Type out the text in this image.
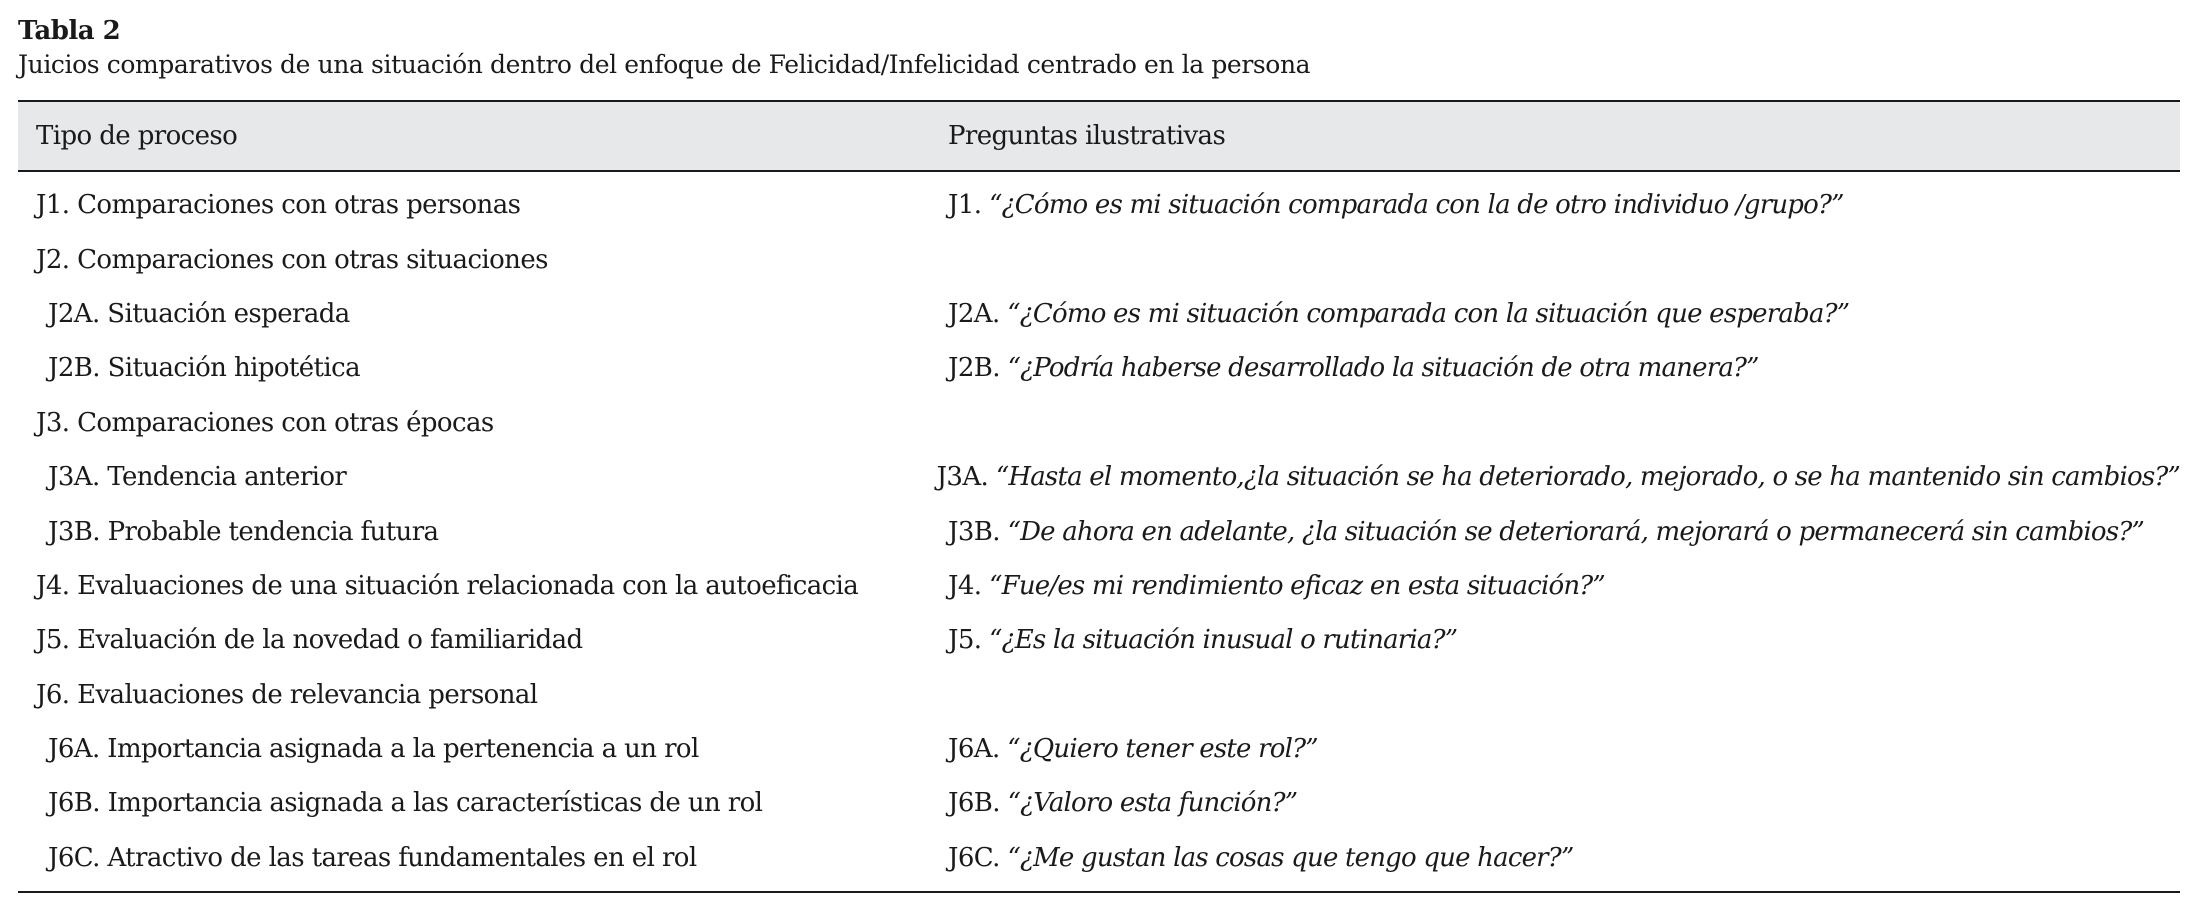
Tabla 2
Juicios comparativos de una situación dentro del enfoque de Felicidad/Infelicidad centrado en la persona
Tipo de proceso	Preguntas ilustrativas
J1. Comparaciones con otras personas	J1. “¿Cómo es mi situación comparada con la de otro individuo /grupo?”
J2. Comparaciones con otras situaciones
J2A. Situación esperada	J2A. “¿Cómo es mi situación comparada con la situación que esperaba?”
J2B. Situación hipotética	J2B. “¿Podría haberse desarrollado la situación de otra manera?”
J3. Comparaciones con otras épocas
J3A. Tendencia anterior	J3A. “Hasta el momento,¿la situación se ha deteriorado, mejorado, o se ha mantenido sin cambios?”
J3B. Probable tendencia futura	J3B. “De ahora en adelante, ¿la situación se deteriorará, mejorará o permanecerá sin cambios?”
J4. Evaluaciones de una situación relacionada con la autoeficacia	J4. “Fue/es mi rendimiento eficaz en esta situación?”
J5. Evaluación de la novedad o familiaridad	J5. “¿Es la situación inusual o rutinaria?”
J6. Evaluaciones de relevancia personal
J6A. Importancia asignada a la pertenencia a un rol	J6A. “¿Quiero tener este rol?”
J6B. Importancia asignada a las características de un rol	J6B. “¿Valoro esta función?”
J6C. Atractivo de las tareas fundamentales en el rol	J6C. “¿Me gustan las cosas que tengo que hacer?”
